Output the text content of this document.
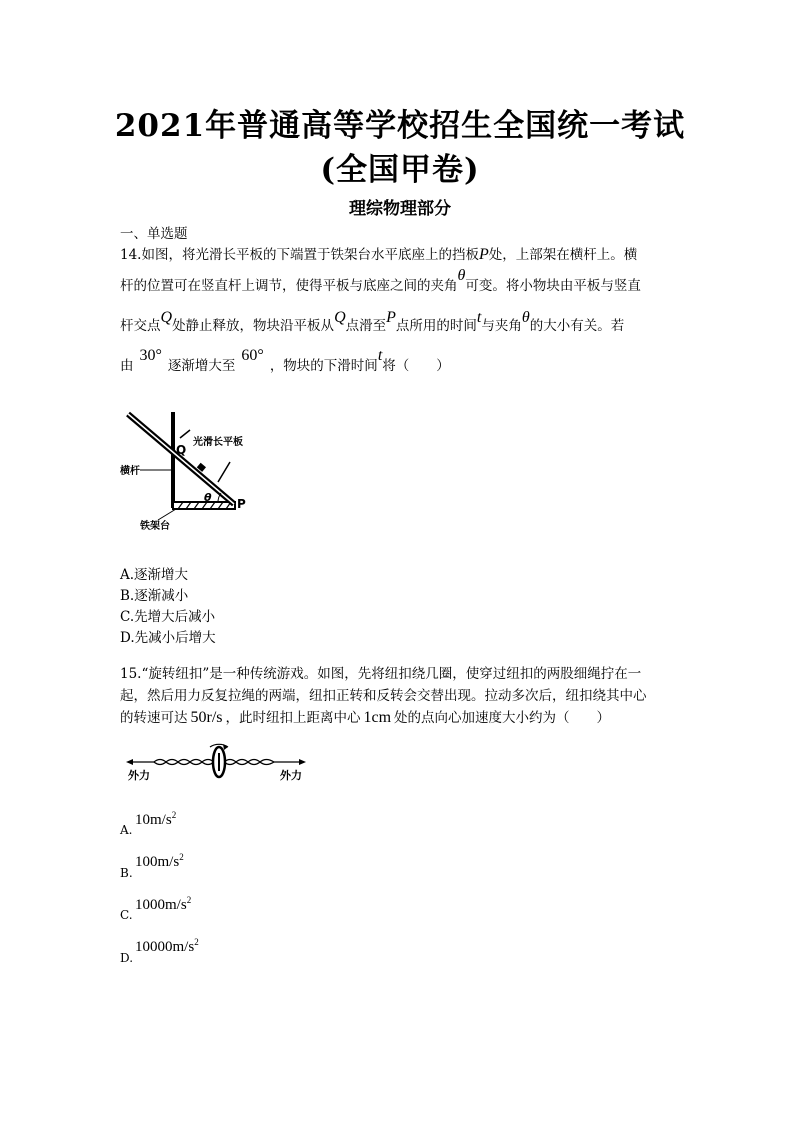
2021年普通高等学校招生全国统一考试
(全国甲卷)
理综物理部分
一、单选题
14.如图，将光滑长平板的下端置于铁架台水平底座上的挡板P处，上部架在横杆上。横
杆的位置可在竖直杆上调节，使得平板与底座之间的夹角θ可变。将小物块由平板与竖直
杆交点Q处静止释放，物块沿平板从Q点滑至P点所用的时间t与夹角θ的大小有关。若
由30°逐渐增大至60°，物块的下滑时间t将（　　）
光滑长平板
Q
横杆
θ P
铁架台
A.逐渐增大
B.逐渐减小
C.先增大后减小
D.先减小后增大
15.“旋转纽扣”是一种传统游戏。如图，先将纽扣绕几圈，使穿过纽扣的两股细绳拧在一
起，然后用力反复拉绳的两端，纽扣正转和反转会交替出现。拉动多次后，纽扣绕其中心
的转速可达 50r/s ，此时纽扣上距离中心 1cm 处的点向心加速度大小约为（　　）
外力	外力
A.
$10m/s^2$
B.
$100m/s^2$
C.
$1000m/s^2$
D.
$10000m/s^2$
